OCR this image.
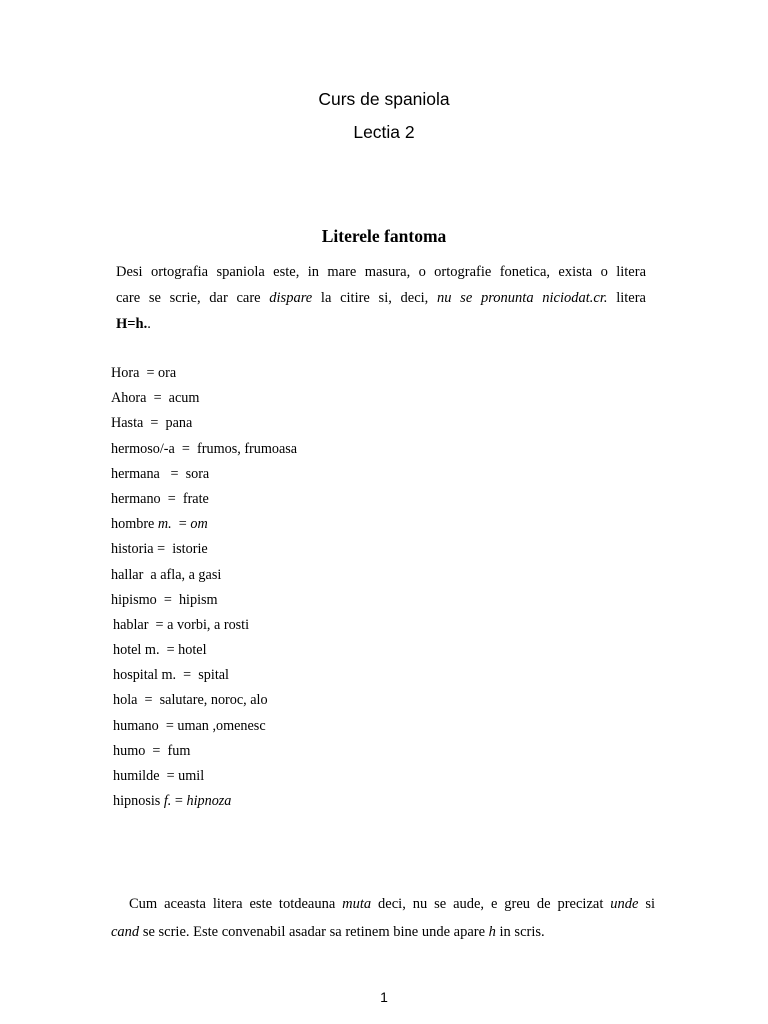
Curs de spaniola
Lectia 2
Literele fantoma
Desi ortografia spaniola este, in mare masura, o ortografie fonetica, exista o litera
care se scrie, dar care dispare la citire si, deci, nu se pronunta niciodat.cr. litera
H=h..
Hora  = ora
Ahora  =  acum
Hasta  =  pana
hermoso/-a  =  frumos, frumoasa
hermana   =  sora
hermano  =  frate
hombre m.  = om
historia =  istorie
hallar a afla, a gasi
hipismo  =  hipism
hablar  = a vorbi, a rosti
hotel m.  = hotel
hospital m.  =  spital
hola  =  salutare, noroc, alo
humano  = uman ,omenesc
humo  =  fum
humilde  = umil
hipnosis f. = hipnoza
Cum aceasta litera este totdeauna muta deci, nu se aude, e greu de precizat unde si
cand se scrie. Este convenabil asadar sa retinem bine unde apare h in scris.
1
